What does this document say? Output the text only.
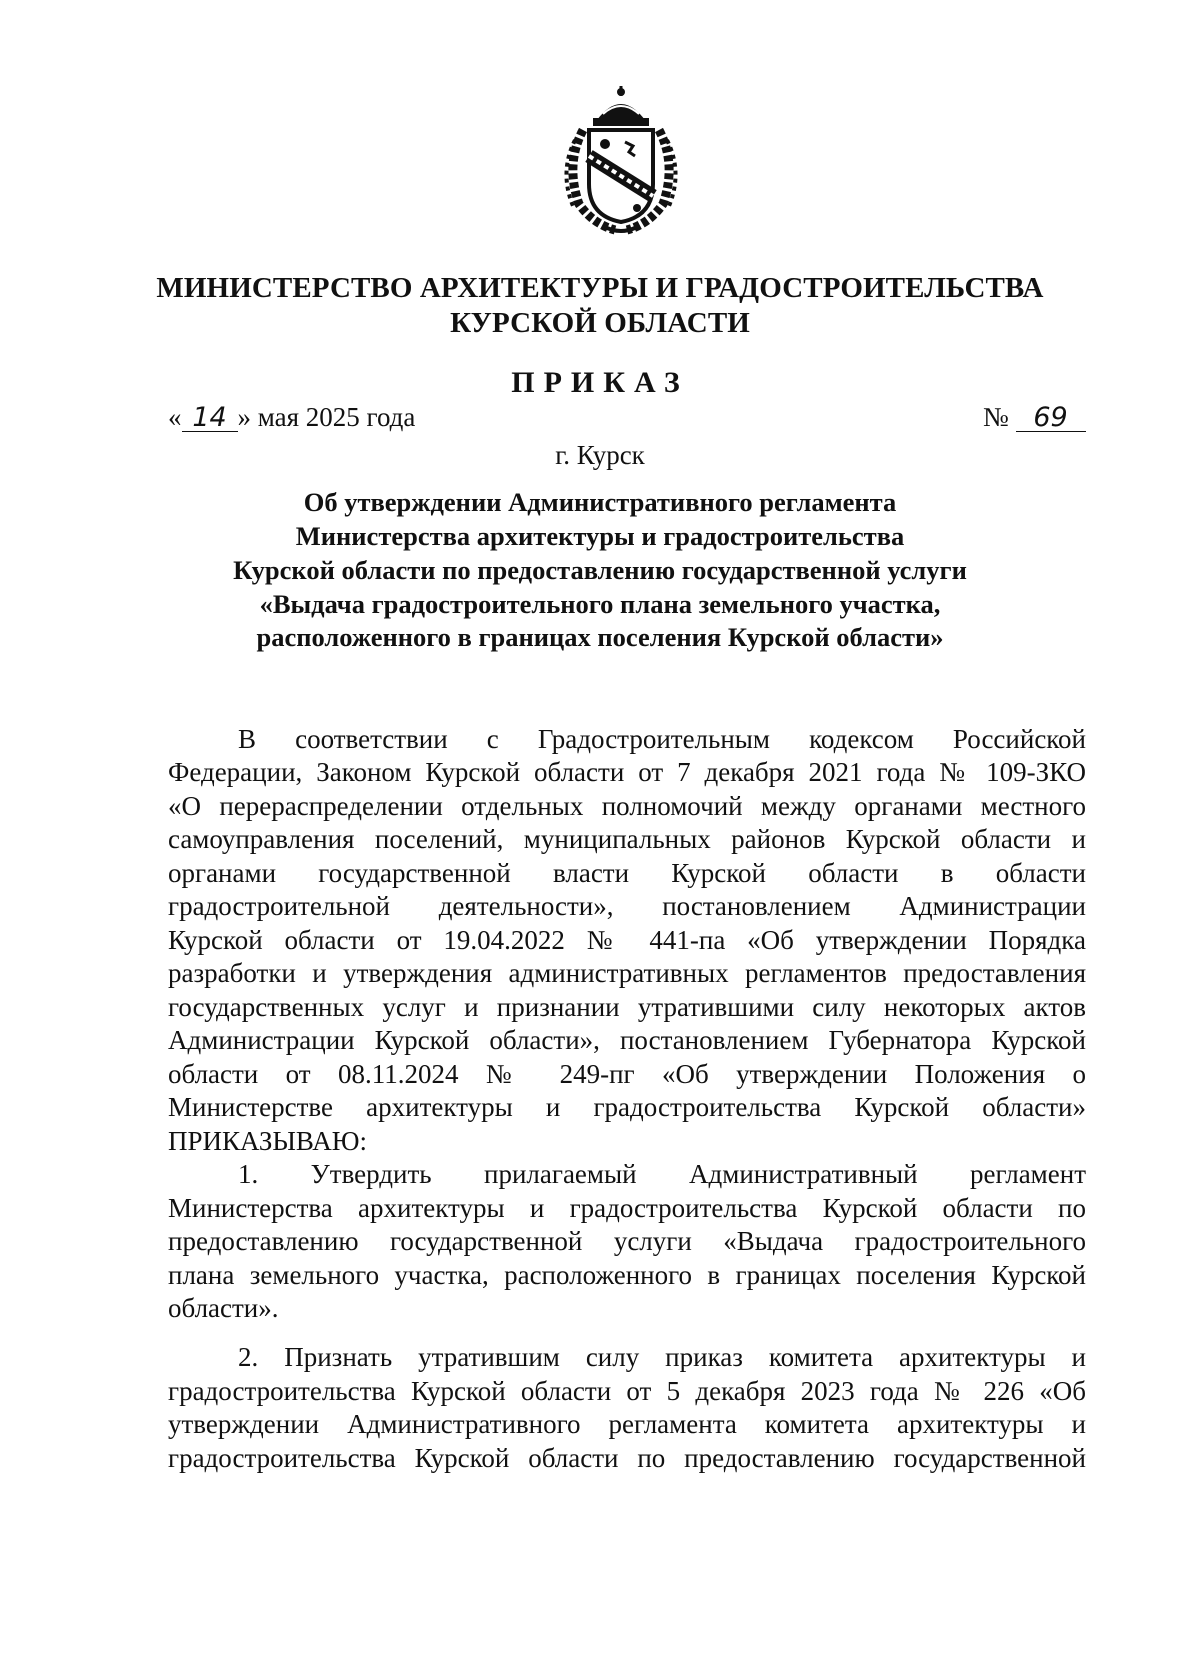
МИНИСТЕРСТВО АРХИТЕКТУРЫ И ГРАДОСТРОИТЕЛЬСТВА
КУРСКОЙ ОБЛАСТИ
ПРИКАЗ
« 14 » мая 2025 года	№ 69
г. Курск
Об утверждении Административного регламента
Министерства архитектуры и градостроительства
Курской области по предоставлению государственной услуги
«Выдача градостроительного плана земельного участка,
расположенного в границах поселения Курской области»
В соответствии с Градостроительным кодексом Российской
Федерации, Законом Курской области от 7 декабря 2021 года № 109-ЗКО
«О перераспределении отдельных полномочий между органами местного
самоуправления поселений, муниципальных районов Курской области и
органами государственной власти Курской области в области
градостроительной деятельности», постановлением Администрации
Курской области от 19.04.2022 № 441-па «Об утверждении Порядка
разработки и утверждения административных регламентов предоставления
государственных услуг и признании утратившими силу некоторых актов
Администрации Курской области», постановлением Губернатора Курской
области от 08.11.2024 № 249-пг «Об утверждении Положения о
Министерстве архитектуры и градостроительства Курской области»
ПРИКАЗЫВАЮ:
1. Утвердить прилагаемый Административный регламент
Министерства архитектуры и градостроительства Курской области по
предоставлению государственной услуги «Выдача градостроительного
плана земельного участка, расположенного в границах поселения Курской
области».
2. Признать утратившим силу приказ комитета архитектуры и
градостроительства Курской области от 5 декабря 2023 года № 226 «Об
утверждении Административного регламента комитета архитектуры и
градостроительства Курской области по предоставлению государственной
